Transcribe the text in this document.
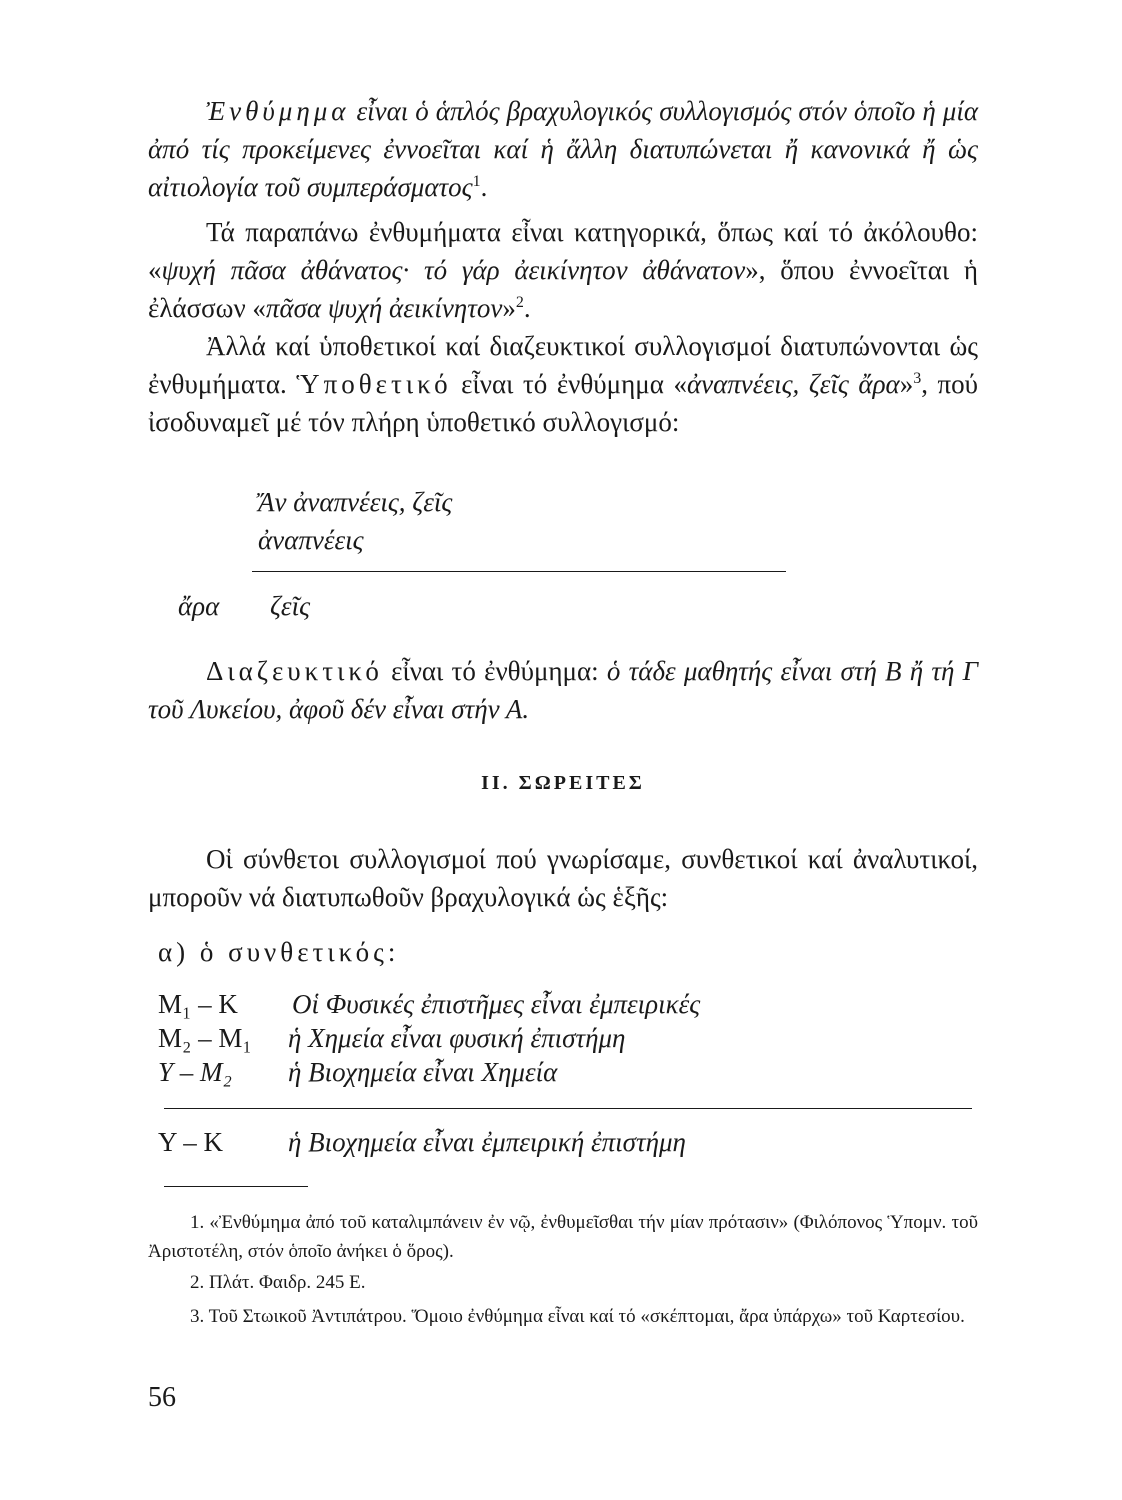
Ἐνθύμημα εἶναι ὁ ἁπλός βραχυλογικός συλλογισμός στόν ὁποῖο ἡ μία ἀπό τίς προκείμενες ἐννοεῖται καί ἡ ἄλλη διατυπώνεται ἤ κανονικά ἤ ὡς αἰτιολογία τοῦ συμπεράσματος$^1$.

Τά παραπάνω ἐνθυμήματα εἶναι κατηγορικά, ὅπως καί τό ἀκόλουθο: «ψυχή πᾶσα ἀθάνατος· τό γάρ ἀεικίνητον ἀθάνατον», ὅπου ἐννοεῖται ἡ ἐλάσσων «πᾶσα ψυχή ἀεικίνητον»$^2$.

Ἀλλά καί ὑποθετικοί καί διαζευκτικοί συλλογισμοί διατυπώνονται ὡς ἐνθυμήματα. Ὑποθετικό εἶναι τό ἐνθύμημα «ἀναπνέεις, ζεῖς ἄρα»$^3$, πού ἰσοδυναμεῖ μέ τόν πλήρη ὑποθετικό συλλογισμό:

Ἄν ἀναπνέεις, ζεῖς
ἀναπνέεις
ἄρα ζεῖς

Διαζευκτικό εἶναι τό ἐνθύμημα: ὁ τάδε μαθητής εἶναι στή Β ἤ τή Γ τοῦ Λυκείου, ἀφοῦ δέν εἶναι στήν Α.

ΙΙ. ΣΩΡΕΙΤΕΣ

Οἱ σύνθετοι συλλογισμοί πού γνωρίσαμε, συνθετικοί καί ἀναλυτικοί, μποροῦν νά διατυπωθοῦν βραχυλογικά ὡς ἑξῆς:

α) ὁ συνθετικός:
M₁ – K Οἱ Φυσικές ἐπιστῆμες εἶναι ἐμπειρικές
M₂ – M₁ ἡ Χημεία εἶναι φυσική ἐπιστήμη
Y – M₂ ἡ Βιοχημεία εἶναι Χημεία
Y – K ἡ Βιοχημεία εἶναι ἐμπειρική ἐπιστήμη

1. «Ἐνθύμημα ἀπό τοῦ καταλιμπάνειν ἐν νῷ, ἐνθυμεῖσθαι τήν μίαν πρότασιν» (Φιλόπονος Ὑπομν. τοῦ Ἀριστοτέλη, στόν ὁποῖο ἀνήκει ὁ ὅρος).

2. Πλάτ. Φαιδρ. 245 Ε.

3. Τοῦ Στωικοῦ Ἀντιπάτρου. Ὅμοιο ἐνθύμημα εἶναι καί τό «σκέπτομαι, ἄρα ὑπάρχω» τοῦ Καρτεσίου.

56
